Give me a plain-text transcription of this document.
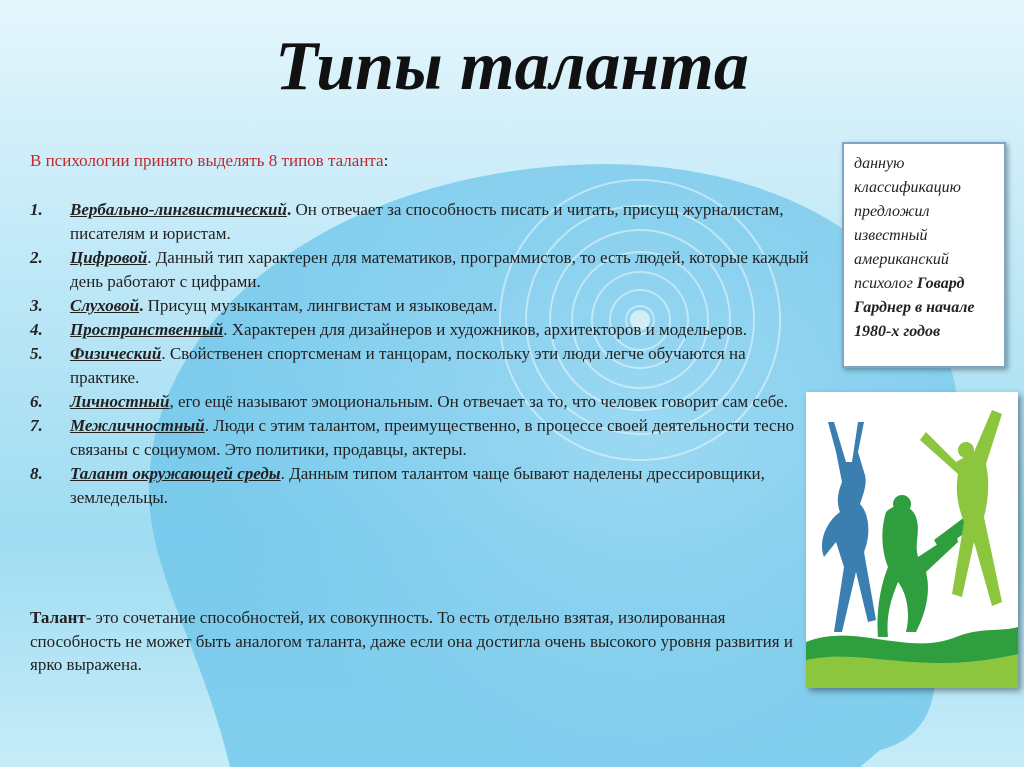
Типы таланта

В психологии принято выделять 8 типов таланта:

1. Вербально-лингвистический. Он отвечает за способность писать и читать, присущ журналистам, писателям и юристам.
2. Цифровой. Данный тип характерен для математиков, программистов, то есть людей, которые каждый день работают с цифрами.
3. Слуховой. Присущ музыкантам, лингвистам и языковедам.
4. Пространственный. Характерен для дизайнеров и художников, архитекторов и модельеров.
5. Физический. Свойственен спортсменам и танцорам, поскольку эти люди легче обучаются на практике.
6. Личностный, его ещё называют эмоциональным. Он отвечает за то, что человек говорит сам себе.
7. Межличностный. Люди с этим талантом, преимущественно, в процессе своей деятельности тесно связаны с социумом. Это политики, продавцы, актеры.
8. Талант окружающей среды. Данным типом талантом чаще бывают наделены дрессировщики, земледельцы.

Талант- это сочетание способностей, их совокупность. То есть отдельно взятая, изолированная способность не может быть аналогом таланта, даже если она достигла очень высокого уровня развития и ярко выражена.

данную классификацию предложил известный американский психолог Говард Гарднер в начале 1980-х годов
